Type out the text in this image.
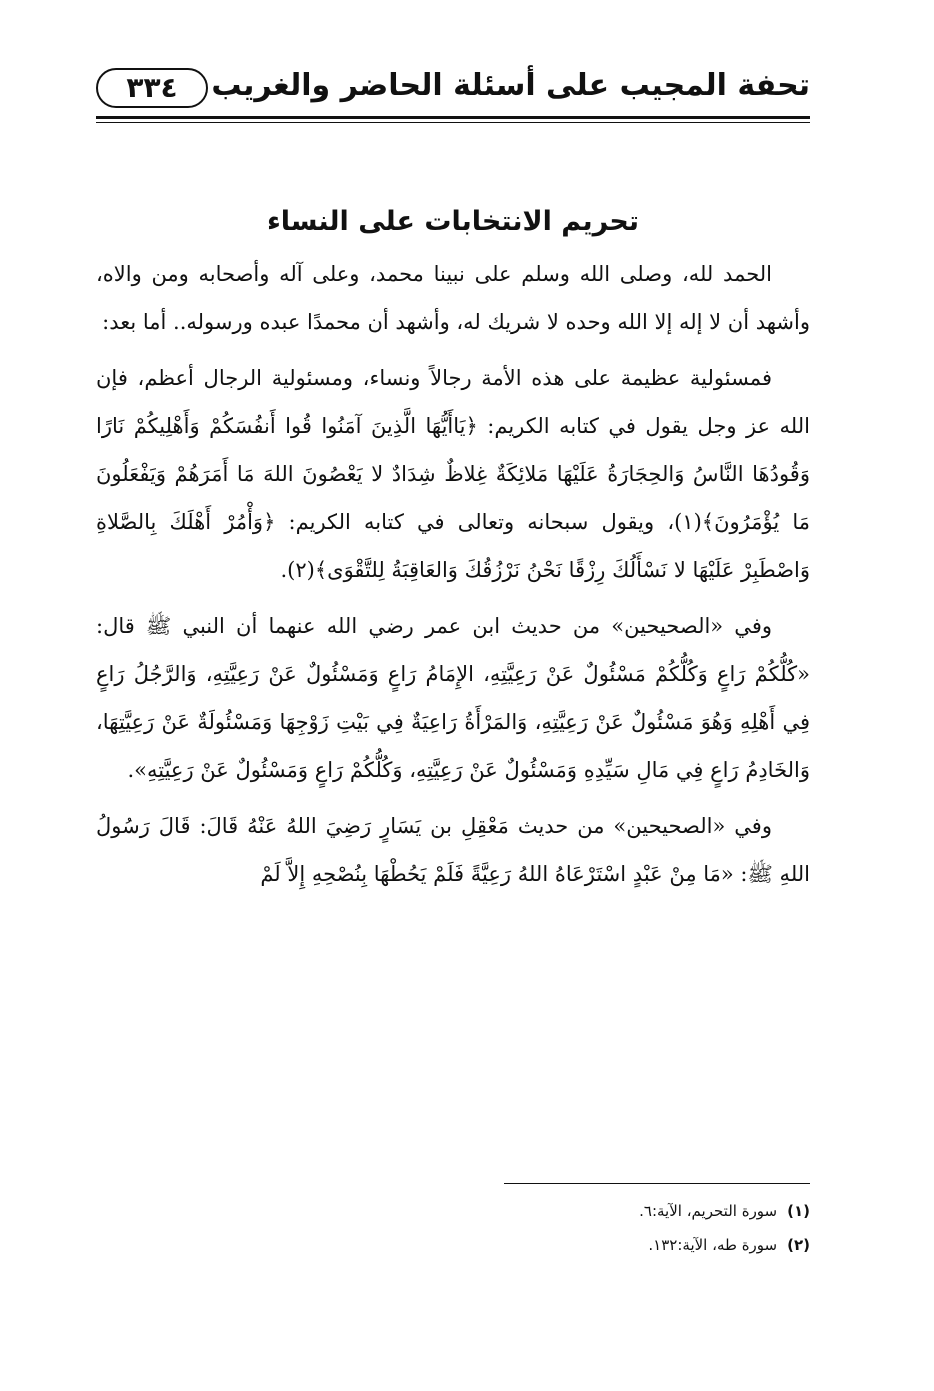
تحفة المجيب على أسئلة الحاضر والغريب
٣٣٤
تحريم الانتخابات على النساء

الحمد لله، وصلى الله وسلم على نبينا محمد، وعلى آله وأصحابه ومن والاه، وأشهد أن لا إله إلا الله وحده لا شريك له، وأشهد أن محمدًا عبده ورسوله.. أما بعد:

فمسئولية عظيمة على هذه الأمة رجالاً ونساء، ومسئولية الرجال أعظم، فإن الله عز وجل يقول في كتابه الكريم: ﴿يَاأَيُّهَا الَّذِينَ آمَنُوا قُوا أَنفُسَكُمْ وَأَهْلِيكُمْ نَارًا وَقُودُهَا النَّاسُ وَالحِجَارَةُ عَلَيْهَا مَلائِكَةٌ غِلاظٌ شِدَادٌ لا يَعْصُونَ اللهَ مَا أَمَرَهُمْ وَيَفْعَلُونَ مَا يُؤْمَرُونَ﴾(١)، ويقول سبحانه وتعالى في كتابه الكريم: ﴿وَأْمُرْ أَهْلَكَ بِالصَّلاةِ وَاصْطَبِرْ عَلَيْهَا لا نَسْأَلُكَ رِزْقًا نَحْنُ نَرْزُقُكَ وَالعَاقِبَةُ لِلتَّقْوَى﴾(٢).

وفي «الصحيحين» من حديث ابن عمر رضي الله عنهما أن النبي ﷺ قال: «كُلُّكُمْ رَاعٍ وَكُلُّكُمْ مَسْئُولٌ عَنْ رَعِيَّتِهِ، الإِمَامُ رَاعٍ وَمَسْئُولٌ عَنْ رَعِيَّتِهِ، وَالرَّجُلُ رَاعٍ فِي أَهْلِهِ وَهُوَ مَسْئُولٌ عَنْ رَعِيَّتِهِ، وَالمَرْأَةُ رَاعِيَةٌ فِي بَيْتِ زَوْجِهَا وَمَسْئُولَةٌ عَنْ رَعِيَّتِهَا، وَالخَادِمُ رَاعٍ فِي مَالِ سَيِّدِهِ وَمَسْئُولٌ عَنْ رَعِيَّتِهِ، وَكُلُّكُمْ رَاعٍ وَمَسْئُولٌ عَنْ رَعِيَّتِهِ».

وفي «الصحيحين» من حديث مَعْقِلِ بن يَسَارٍ رَضِيَ اللهُ عَنْهُ قَالَ: قَالَ رَسُولُ اللهِ ﷺ: «مَا مِنْ عَبْدٍ اسْتَرْعَاهُ اللهُ رَعِيَّةً فَلَمْ يَحُطْهَا بِنُصْحِهِ إِلاَّ لَمْ

(١)سورة التحريم، الآية:٦.
(٢)سورة طه، الآية:١٣٢.
